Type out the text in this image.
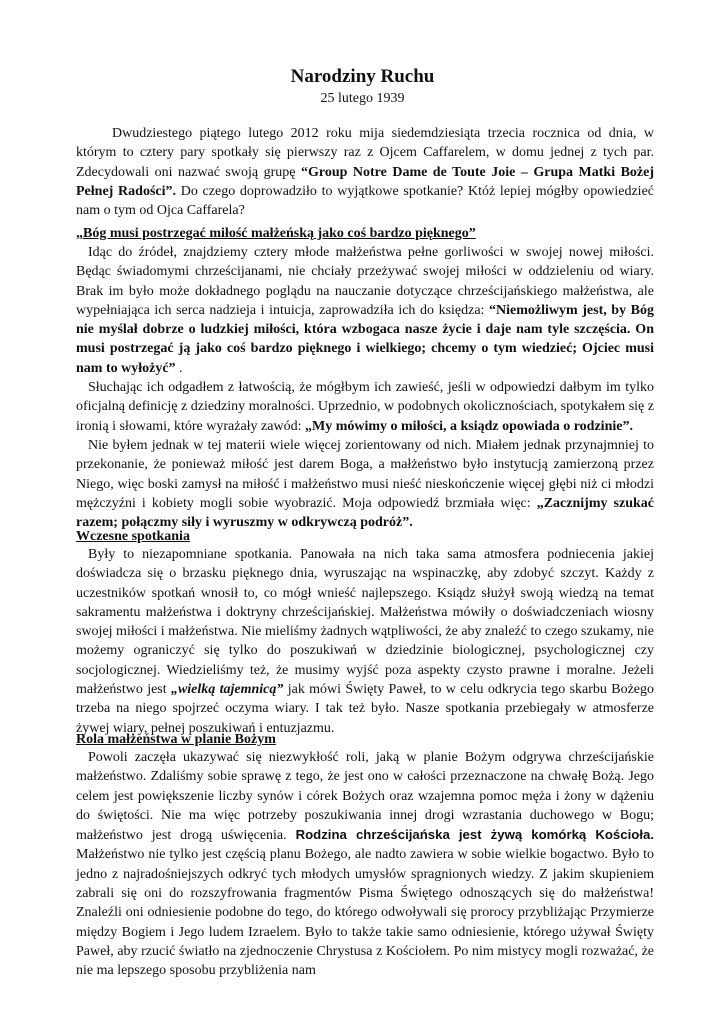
Narodziny Ruchu
25 lutego 1939

Dwudziestego piątego lutego 2012 roku mija siedemdziesiąta trzecia rocznica od dnia, w którym to cztery pary spotkały się pierwszy raz z Ojcem Caffarelem, w domu jednej z tych par. Zdecydowali oni nazwać swoją grupę “Group Notre Dame de Toute Joie – Grupa Matki Bożej Pełnej Radości”. Do czego doprowadziło to wyjątkowe spotkanie? Któż lepiej mógłby opowiedzieć nam o tym od Ojca Caffarela?

„Bóg musi postrzegać miłość małżeńską jako coś bardzo pięknego”

Idąc do źródeł, znajdziemy cztery młode małżeństwa pełne gorliwości w swojej nowej miłości. Będąc świadomymi chrześcijanami, nie chciały przeżywać swojej miłości w oddzieleniu od wiary. Brak im było może dokładnego poglądu na nauczanie dotyczące chrześcijańskiego małżeństwa, ale wypełniająca ich serca nadzieja i intuicja, zaprowadziła ich do księdza: “Niemożliwym jest, by Bóg nie myślał dobrze o ludzkiej miłości, która wzbogaca nasze życie i daje nam tyle szczęścia. On musi postrzegać ją jako coś bardzo pięknego i wielkiego; chcemy o tym wiedzieć; Ojciec musi nam to wyłożyć” .

Słuchając ich odgadłem z łatwością, że mógłbym ich zawieść, jeśli w odpowiedzi dałbym im tylko oficjalną definicję z dziedziny moralności. Uprzednio, w podobnych okolicznościach, spotykałem się z ironią i słowami, które wyrażały zawód: „My mówimy o miłości, a ksiądz opowiada o rodzinie”.

Nie byłem jednak w tej materii wiele więcej zorientowany od nich. Miałem jednak przynajmniej to przekonanie, że ponieważ miłość jest darem Boga, a małżeństwo było instytucją zamierzoną przez Niego, więc boski zamysł na miłość i małżeństwo musi nieść nieskończenie więcej głębi niż ci młodzi mężczyźni i kobiety mogli sobie wyobrazić. Moja odpowiedź brzmiała więc: „Zacznijmy szukać razem; połączmy siły i wyruszmy w odkrywczą podróż”.

Wczesne spotkania

Były to niezapomniane spotkania. Panowała na nich taka sama atmosfera podniecenia jakiej doświadcza się o brzasku pięknego dnia, wyruszając na wspinaczkę, aby zdobyć szczyt. Każdy z uczestników spotkań wnosił to, co mógł wnieść najlepszego. Ksiądz służył swoją wiedzą na temat sakramentu małżeństwa i doktryny chrześcijańskiej. Małżeństwa mówiły o doświadczeniach wiosny swojej miłości i małżeństwa. Nie mieliśmy żadnych wątpliwości, że aby znaleźć to czego szukamy, nie możemy ograniczyć się tylko do poszukiwań w dziedzinie biologicznej, psychologicznej czy socjologicznej. Wiedzieliśmy też, że musimy wyjść poza aspekty czysto prawne i moralne. Jeżeli małżeństwo jest „wielką tajemnicą” jak mówi Święty Paweł, to w celu odkrycia tego skarbu Bożego trzeba na niego spojrzeć oczyma wiary. I tak też było. Nasze spotkania przebiegały w atmosferze żywej wiary, pełnej poszukiwań i entuzjazmu.

Rola małżeństwa w planie Bożym

Powoli zaczęła ukazywać się niezwykłość roli, jaką w planie Bożym odgrywa chrześcijańskie małżeństwo. Zdaliśmy sobie sprawę z tego, że jest ono w całości przeznaczone na chwałę Bożą. Jego celem jest powiększenie liczby synów i córek Bożych oraz wzajemna pomoc męża i żony w dążeniu do świętości. Nie ma więc potrzeby poszukiwania innej drogi wzrastania duchowego w Bogu; małżeństwo jest drogą uświęcenia. Rodzina chrześcijańska jest żywą komórką Kościoła. Małżeństwo nie tylko jest częścią planu Bożego, ale nadto zawiera w sobie wielkie bogactwo. Było to jedno z najradośniejszych odkryć tych młodych umysłów spragnionych wiedzy. Z jakim skupieniem zabrali się oni do rozszyfrowania fragmentów Pisma Świętego odnoszących się do małżeństwa! Znaleźli oni odniesienie podobne do tego, do którego odwoływali się prorocy przybliżając Przymierze między Bogiem i Jego ludem Izraelem. Było to także takie samo odniesienie, którego używał Święty Paweł, aby rzucić światło na zjednoczenie Chrystusa z Kościołem. Po nim mistycy mogli rozważać, że nie ma lepszego sposobu przybliżenia nam
